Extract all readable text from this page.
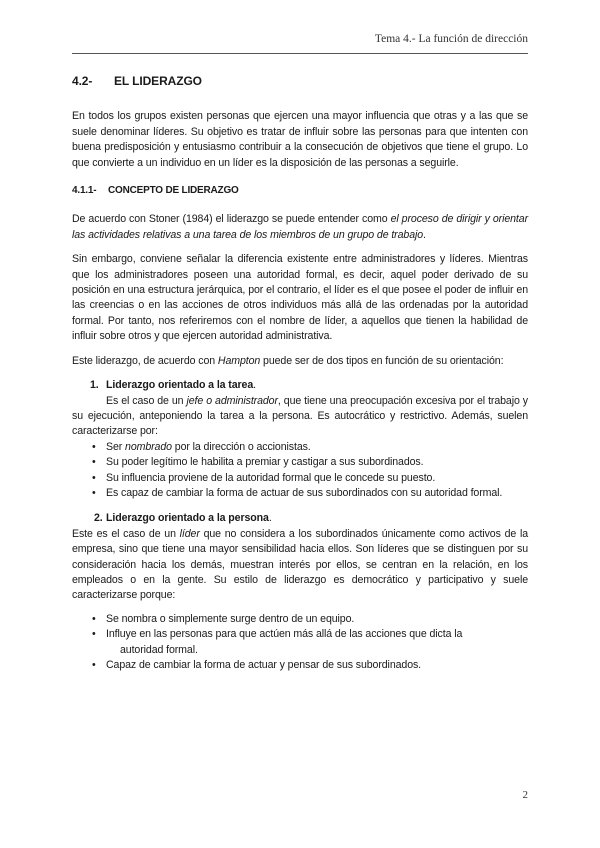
Tema 4.- La función de dirección
4.2-	EL LIDERAZGO

En todos los grupos existen personas que ejercen una mayor influencia que otras y a las que se suele denominar líderes. Su objetivo es tratar de influir sobre las personas para que intenten con buena predisposición y entusiasmo contribuir a la consecución de objetivos que tiene el grupo. Lo que convierte a un individuo en un líder es la disposición de las personas a seguirle.

4.1.1-	CONCEPTO DE LIDERAZGO

De acuerdo con Stoner (1984) el liderazgo se puede entender como el proceso de dirigir y orientar las actividades relativas a una tarea de los miembros de un grupo de trabajo.

Sin embargo, conviene señalar la diferencia existente entre administradores y líderes. Mientras que los administradores poseen una autoridad formal, es decir, aquel poder derivado de su posición en una estructura jerárquica, por el contrario, el líder es el que posee el poder de influir en las creencias o en las acciones de otros individuos más allá de las ordenadas por la autoridad formal. Por tanto, nos referiremos con el nombre de líder, a aquellos que tienen la habilidad de influir sobre otros y que ejercen autoridad administrativa.

Este liderazgo, de acuerdo con Hampton puede ser de dos tipos en función de su orientación:

1. Liderazgo orientado a la tarea.

Es el caso de un jefe o administrador, que tiene una preocupación excesiva por el trabajo y su ejecución, anteponiendo la tarea a la persona. Es autocrático y restrictivo. Además, suelen caracterizarse por:

• Ser nombrado por la dirección o accionistas.
• Su poder legítimo le habilita a premiar y castigar a sus subordinados.
• Su influencia proviene de la autoridad formal que le concede su puesto.
• Es capaz de cambiar la forma de actuar de sus subordinados con su autoridad formal.
2. Liderazgo orientado a la persona.

Este es el caso de un líder que no considera a los subordinados únicamente como activos de la empresa, sino que tiene una mayor sensibilidad hacia ellos. Son líderes que se distinguen por su consideración hacia los demás, muestran interés por ellos, se centran en la relación, en los empleados o en la gente. Su estilo de liderazgo es democrático y participativo y suele caracterizarse porque:

• Se nombra o simplemente surge dentro de un equipo.
• Influye en las personas para que actúen más allá de las acciones que dicta la
autoridad formal.
• Capaz de cambiar la forma de actuar y pensar de sus subordinados.
2
